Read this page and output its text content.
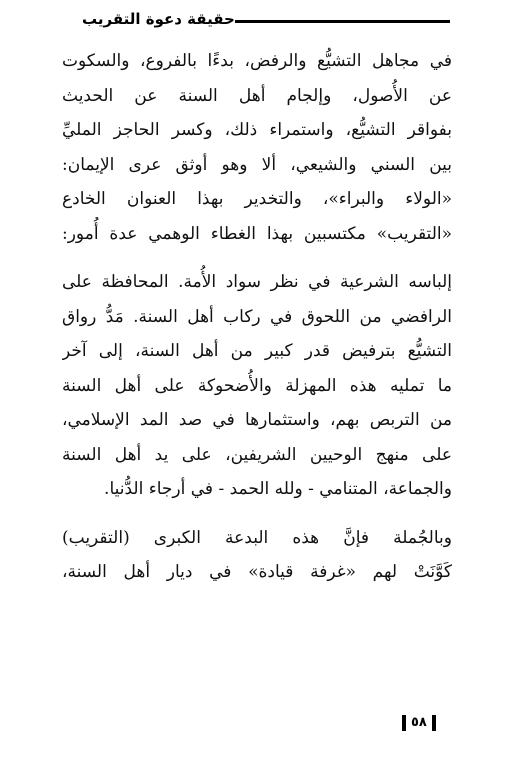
حقيقة دعوة التقريب
في مجاهل التشيُّع والرفض، بدءًا بالفروع، والسكوت
عن الأُصول، وإلجام أهل السنة عن الحديث
بفواقر التشيُّع، واستمراء ذلك، وكسر الحاجز المليِّ
بين السني والشيعي، ألا وهو أوثق عرى الإيمان:
«الولاء والبراء»، والتخدير بهذا العنوان الخادع
«التقريب» مكتسبين بهذا الغطاء الوهمي عدة أُمور:
إلباسه الشرعية في نظر سواد الأُمة. المحافظة على
الرافضي من اللحوق في ركاب أهل السنة. مَدُّ رواق
التشيُّع بترفيض قدر كبير من أهل السنة، إلى آخر
ما تمليه هذه المهزلة والأُضحوكة على أهل السنة
من التربص بهم، واستثمارها في صد المد الإسلامي،
على منهج الوحيين الشريفين، على يد أهل السنة
والجماعة، المتنامي - ولله الحمد - في أرجاء الدُّنيا.
وبالجُملة فإنَّ هذه البدعة الكبرى (التقريب)
كَوَّنَتْ لهم «غرفة قيادة» في ديار أهل السنة،
٥٨
